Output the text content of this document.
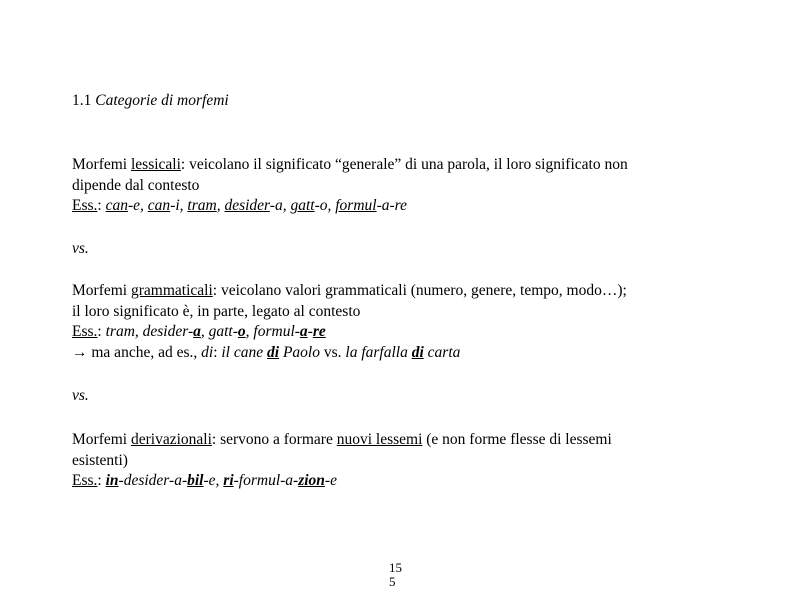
1.1 Categorie di morfemi
Morfemi lessicali: veicolano il significato “generale” di una parola, il loro significato non
dipende dal contesto
Ess.: can-e, can-i, tram, desider-a, gatt-o, formul-a-re
vs.
Morfemi grammaticali: veicolano valori grammaticali (numero, genere, tempo, modo…);
il loro significato è, in parte, legato al contesto
Ess.: tram, desider-a, gatt-o, formul-a-re
→ ma anche, ad es., di: il cane di Paolo vs. la farfalla di carta
vs.
Morfemi derivazionali: servono a formare nuovi lessemi (e non forme flesse di lessemi
esistenti)
Ess.: in-desider-a-bil-e, ri-formul-a-zion-e
15
5
